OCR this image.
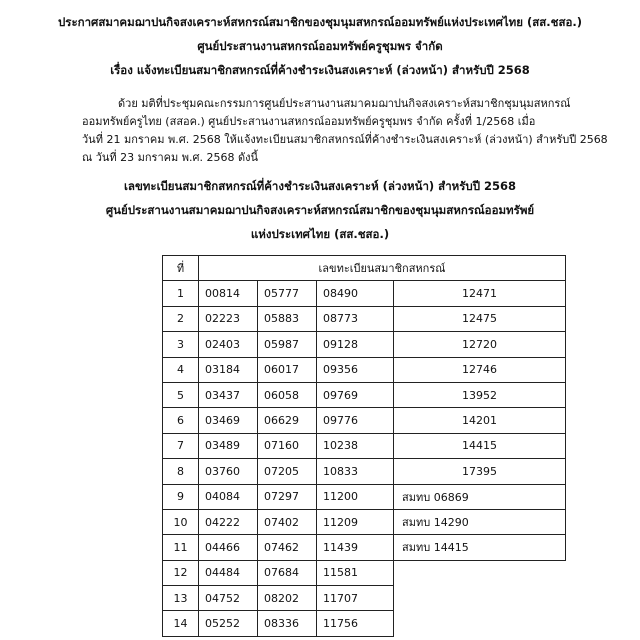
ประกาศสมาคมฌาปนกิจสงเคราะห์สหกรณ์สมาชิกของชุมนุมสหกรณ์ออมทรัพย์แห่งประเทศไทย (สส.ชสอ.)
ศูนย์ประสานงานสหกรณ์ออมทรัพย์ครูชุมพร จำกัด
เรื่อง แจ้งทะเบียนสมาชิกสหกรณ์ที่ค้างชำระเงินสงเคราะห์ (ล่วงหน้า) สำหรับปี 2568
ด้วย มติที่ประชุมคณะกรรมการศูนย์ประสานงานสมาคมฌาปนกิจสงเคราะห์สมาชิกชุมนุมสหกรณ์
ออมทรัพย์ครูไทย (สสอค.) ศูนย์ประสานงานสหกรณ์ออมทรัพย์ครูชุมพร จำกัด ครั้งที่ 1/2568 เมื่อ
วันที่ 21 มกราคม พ.ศ. 2568 ให้แจ้งทะเบียนสมาชิกสหกรณ์ที่ค้างชำระเงินสงเคราะห์ (ล่วงหน้า) สำหรับปี 2568
ณ วันที่ 23 มกราคม พ.ศ. 2568 ดังนี้
เลขทะเบียนสมาชิกสหกรณ์ที่ค้างชำระเงินสงเคราะห์ (ล่วงหน้า) สำหรับปี 2568
ศูนย์ประสานงานสมาคมฌาปนกิจสงเคราะห์สหกรณ์สมาชิกของชุมนุมสหกรณ์ออมทรัพย์
แห่งประเทศไทย (สส.ชสอ.)
ที่	เลขทะเบียนสมาชิกสหกรณ์			
1	00814	05777	08490	12471
2	02223	05883	08773	12475
3	02403	05987	09128	12720
4	03184	06017	09356	12746
5	03437	06058	09769	13952
6	03469	06629	09776	14201
7	03489	07160	10238	14415
8	03760	07205	10833	17395
9	04084	07297	11200	สมทบ 06869
10	04222	07402	11209	สมทบ 14290
11	04466	07462	11439	สมทบ 14415
12	04484	07684	11581	
13	04752	08202	11707	
14	05252	08336	11756	
